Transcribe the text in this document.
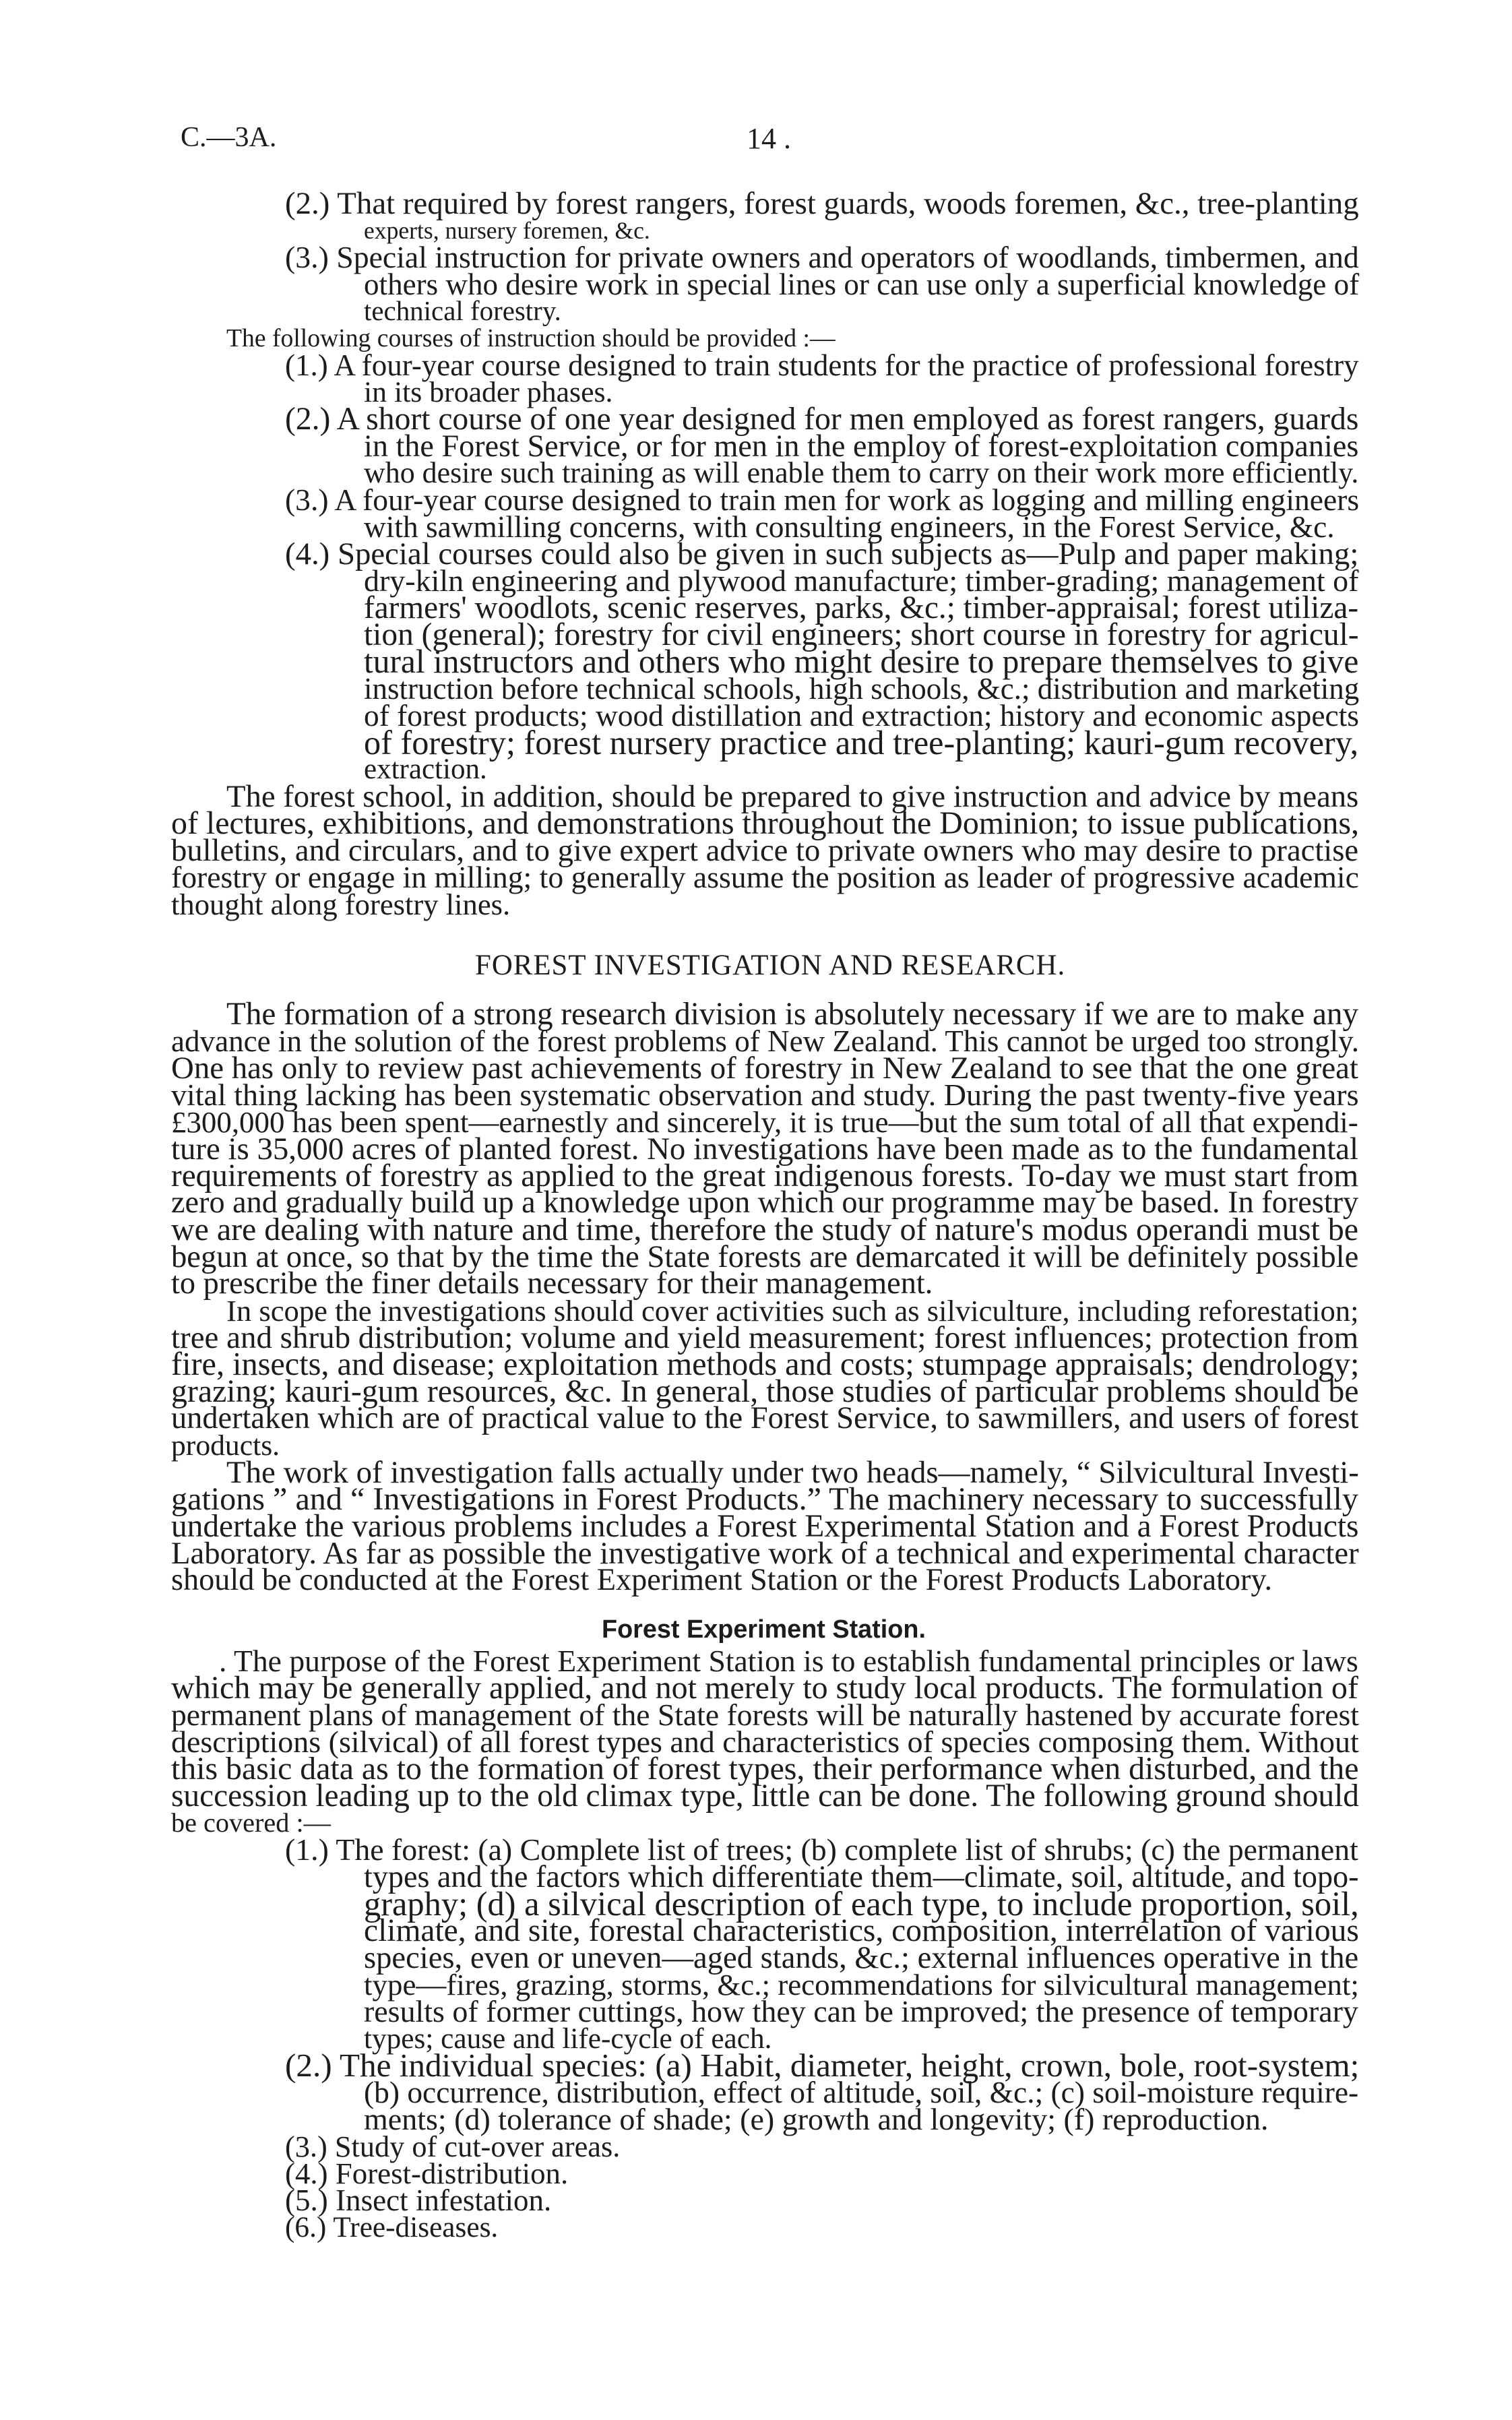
C.—3A.	14 .
(2.) That required by forest rangers, forest guards, woods foremen, &c., tree-planting
experts, nursery foremen, &c.
(3.) Special instruction for private owners and operators of woodlands, timbermen, and
others who desire work in special lines or can use only a superficial knowledge of
technical forestry.
The following courses of instruction should be provided :—
(1.) A four-year course designed to train students for the practice of professional forestry
in its broader phases.
(2.) A short course of one year designed for men employed as forest rangers, guards
in the Forest Service, or for men in the employ of forest-exploitation companies
who desire such training as will enable them to carry on their work more efficiently.
(3.) A four-year course designed to train men for work as logging and milling engineers
with sawmilling concerns, with consulting engineers, in the Forest Service, &c.
(4.) Special courses could also be given in such subjects as—Pulp and paper making;
dry-kiln engineering and plywood manufacture; timber-grading; management of
farmers' woodlots, scenic reserves, parks, &c.; timber-appraisal; forest utiliza-
tion (general); forestry for civil engineers; short course in forestry for agricul-
tural instructors and others who might desire to prepare themselves to give
instruction before technical schools, high schools, &c.; distribution and marketing
of forest products; wood distillation and extraction; history and economic aspects
of forestry; forest nursery practice and tree-planting; kauri-gum recovery,
extraction.
The forest school, in addition, should be prepared to give instruction and advice by means
of lectures, exhibitions, and demonstrations throughout the Dominion; to issue publications,
bulletins, and circulars, and to give expert advice to private owners who may desire to practise
forestry or engage in milling; to generally assume the position as leader of progressive academic
thought along forestry lines.
FOREST INVESTIGATION AND RESEARCH.
The formation of a strong research division is absolutely necessary if we are to make any
advance in the solution of the forest problems of New Zealand. This cannot be urged too strongly.
One has only to review past achievements of forestry in New Zealand to see that the one great
vital thing lacking has been systematic observation and study. During the past twenty-five years
£300,000 has been spent—earnestly and sincerely, it is true—but the sum total of all that expendi-
ture is 35,000 acres of planted forest. No investigations have been made as to the fundamental
requirements of forestry as applied to the great indigenous forests. To-day we must start from
zero and gradually build up a knowledge upon which our programme may be based. In forestry
we are dealing with nature and time, therefore the study of nature's modus operandi must be
begun at once, so that by the time the State forests are demarcated it will be definitely possible
to prescribe the finer details necessary for their management.
In scope the investigations should cover activities such as silviculture, including reforestation;
tree and shrub distribution; volume and yield measurement; forest influences; protection from
fire, insects, and disease; exploitation methods and costs; stumpage appraisals; dendrology;
grazing; kauri-gum resources, &c. In general, those studies of particular problems should be
undertaken which are of practical value to the Forest Service, to sawmillers, and users of forest
products.
The work of investigation falls actually under two heads—namely, “ Silvicultural Investi-
gations ” and “ Investigations in Forest Products.” The machinery necessary to successfully
undertake the various problems includes a Forest Experimental Station and a Forest Products
Laboratory. As far as possible the investigative work of a technical and experimental character
should be conducted at the Forest Experiment Station or the Forest Products Laboratory.
Forest Experiment Station.
. The purpose of the Forest Experiment Station is to establish fundamental principles or laws
which may be generally applied, and not merely to study local products. The formulation of
permanent plans of management of the State forests will be naturally hastened by accurate forest
descriptions (silvical) of all forest types and characteristics of species composing them. Without
this basic data as to the formation of forest types, their performance when disturbed, and the
succession leading up to the old climax type, little can be done. The following ground should
be covered :—
(1.) The forest: (a) Complete list of trees; (b) complete list of shrubs; (c) the permanent
types and the factors which differentiate them—climate, soil, altitude, and topo-
graphy; (d) a silvical description of each type, to include proportion, soil,
climate, and site, forestal characteristics, composition, interrelation of various
species, even or uneven—aged stands, &c.; external influences operative in the
type—fires, grazing, storms, &c.; recommendations for silvicultural management;
results of former cuttings, how they can be improved; the presence of temporary
types; cause and life-cycle of each.
(2.) The individual species: (a) Habit, diameter, height, crown, bole, root-system;
(b) occurrence, distribution, effect of altitude, soil, &c.; (c) soil-moisture require-
ments; (d) tolerance of shade; (e) growth and longevity; (f) reproduction.
(3.) Study of cut-over areas.
(4.) Forest-distribution.
(5.) Insect infestation.
(6.) Tree-diseases.
